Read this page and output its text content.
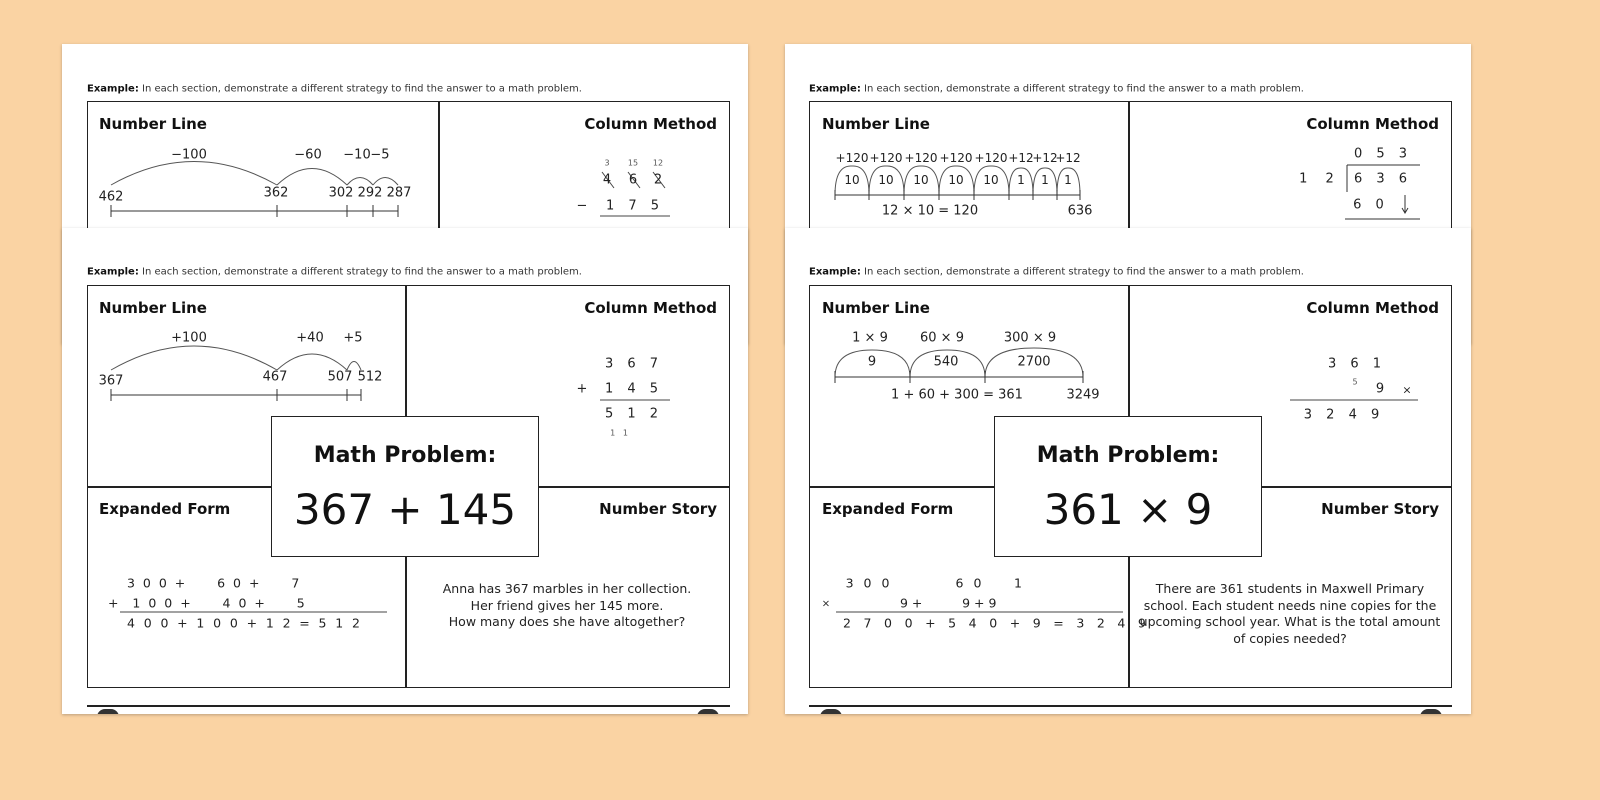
Example: In each section, demonstrate a different strategy to find the answer to a math problem.
Number Line	Column Method
−100	−60 −10 −5
462	362	302 292 287
3 15 12
4 6 2
− 1 7 5
Example: In each section, demonstrate a different strategy to find the answer to a math problem.
Number Line	Column Method
+120 +120 +120 +120 +120 +12
+12
+12
10 10 10 10 10 1 1 1
12 × 10 = 120	636
0 5 3
1 2 6 3 6
6 0
Example: In each section, demonstrate a different strategy to find the answer to a math problem.
Number Line	Column Method
Expanded Form	Number Story
+100	+40 +5
367	467	507 512
3 6 7
+ 1 4 5
5 1 2
1   1
3 0 0 +     6 0 +     7
+  1 0 0 +     4 0 +     5
4 0 0 + 1 0 0 + 1 2 = 5 1 2
Anna has 367 marbles in her collection.
Her friend gives her 145 more.
How many does she have altogether?
Math Problem:
367 + 145
Example: In each section, demonstrate a different strategy to find the answer to a math problem.
Number Line	Column Method
Expanded Form	Number Story
1 × 9 60 × 9	300 × 9
9	540	2700
1 + 60 + 300 = 361	3249
3 6 1
5 9 ×
3 2 4 9
3 0 0	6 0 1
×	9 +          9 + 9
2 7 0 0 + 5 4 0 + 9 = 3 2 4 9
There are 361 students in Maxwell Primary
school. Each student needs nine copies for the
upcoming school year. What is the total amount
of copies needed?
Math Problem:
361 × 9
